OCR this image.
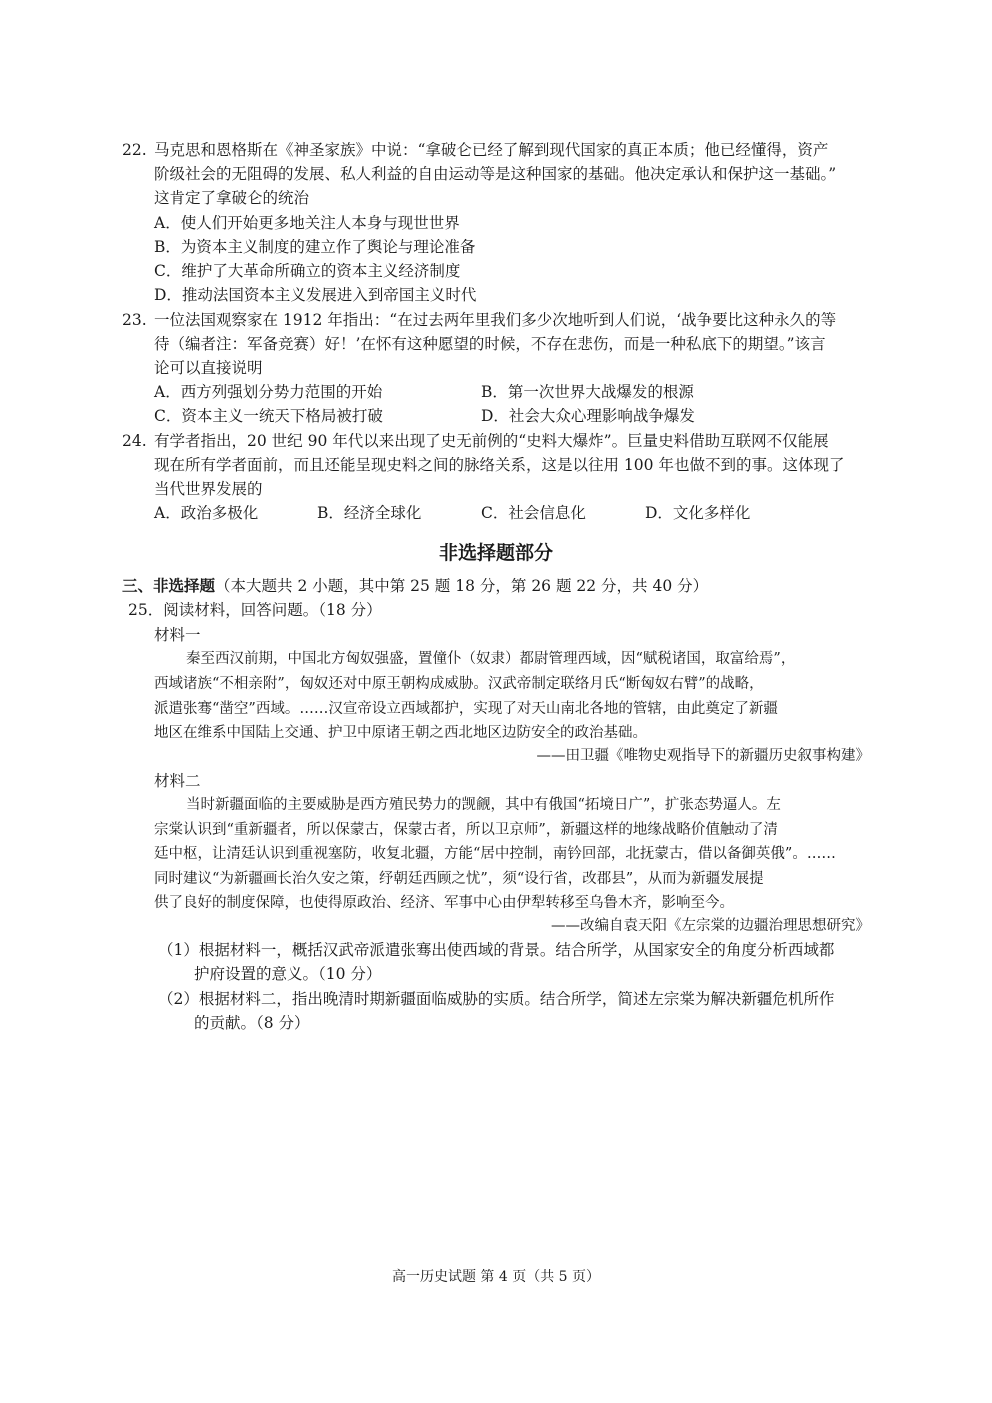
22. 马克思和恩格斯在《神圣家族》中说：“拿破仑已经了解到现代国家的真正本质；他已经懂得，资产
阶级社会的无阻碍的发展、私人利益的自由运动等是这种国家的基础。他决定承认和保护这一基础。”
这肯定了拿破仑的统治
A．使人们开始更多地关注人本身与现世世界
B．为资本主义制度的建立作了舆论与理论准备
C．维护了大革命所确立的资本主义经济制度
D．推动法国资本主义发展进入到帝国主义时代
23. 一位法国观察家在 1912 年指出：“在过去两年里我们多少次地听到人们说，‘战争要比这种永久的等
待（编者注：军备竞赛）好！’在怀有这种愿望的时候，不存在悲伤，而是一种私底下的期望。”该言
论可以直接说明
A．西方列强划分势力范围的开始	B．第一次世界大战爆发的根源
C．资本主义一统天下格局被打破	D．社会大众心理影响战争爆发
24. 有学者指出，20 世纪 90 年代以来出现了史无前例的“史料大爆炸”。巨量史料借助互联网不仅能展
现在所有学者面前，而且还能呈现史料之间的脉络关系，这是以往用 100 年也做不到的事。这体现了
当代世界发展的
A．政治多极化	B．经济全球化	C．社会信息化	D．文化多样化
非选择题部分
三、非选择题（本大题共 2 小题，其中第 25 题 18 分，第 26 题 22 分，共 40 分）
25．阅读材料，回答问题。（18 分）
材料一
秦至西汉前期，中国北方匈奴强盛，置僮仆（奴隶）都尉管理西域，因“赋税诸国，取富给焉”，
西域诸族“不相亲附”，匈奴还对中原王朝构成威胁。汉武帝制定联络月氏“断匈奴右臂”的战略，
派遣张骞“凿空”西域。……汉宣帝设立西域都护，实现了对天山南北各地的管辖，由此奠定了新疆
地区在维系中国陆上交通、护卫中原诸王朝之西北地区边防安全的政治基础。
——田卫疆《唯物史观指导下的新疆历史叙事构建》
材料二
当时新疆面临的主要威胁是西方殖民势力的觊觎，其中有俄国“拓境日广”，扩张态势逼人。左
宗棠认识到“重新疆者，所以保蒙古，保蒙古者，所以卫京师”，新疆这样的地缘战略价值触动了清
廷中枢，让清廷认识到重视塞防，收复北疆，方能“居中控制，南钤回部，北抚蒙古，借以备御英俄”。……
同时建议“为新疆画长治久安之策，纾朝廷西顾之忧”，须“设行省，改郡县”，从而为新疆发展提
供了良好的制度保障，也使得原政治、经济、军事中心由伊犁转移至乌鲁木齐，影响至今。
——改编自袁天阳《左宗棠的边疆治理思想研究》
（1）根据材料一，概括汉武帝派遣张骞出使西域的背景。结合所学，从国家安全的角度分析西域都
护府设置的意义。（10 分）
（2）根据材料二，指出晚清时期新疆面临威胁的实质。结合所学，简述左宗棠为解决新疆危机所作
的贡献。（8 分）
高一历史试题 第 4 页（共 5 页）
